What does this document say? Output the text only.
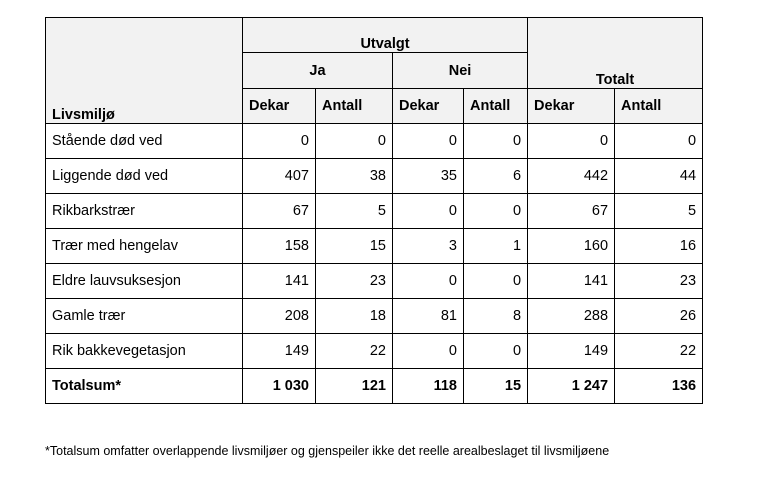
Livsmiljø	Utvalgt				Totalt	
	Ja		Nei			
	Dekar	Antall	Dekar	Antall	Dekar	Antall
Stående død ved	0	0	0	0	0	0
Liggende død ved	407	38	35	6	442	44
Rikbarkstrær	67	5	0	0	67	5
Trær med hengelav	158	15	3	1	160	16
Eldre lauvsuksesjon	141	23	0	0	141	23
Gamle trær	208	18	81	8	288	26
Rik bakkevegetasjon	149	22	0	0	149	22
Totalsum*	1 030	121	118	15	1 247	136
*Totalsum omfatter overlappende livsmiljøer og gjenspeiler ikke det reelle arealbeslaget til livsmiljøene
